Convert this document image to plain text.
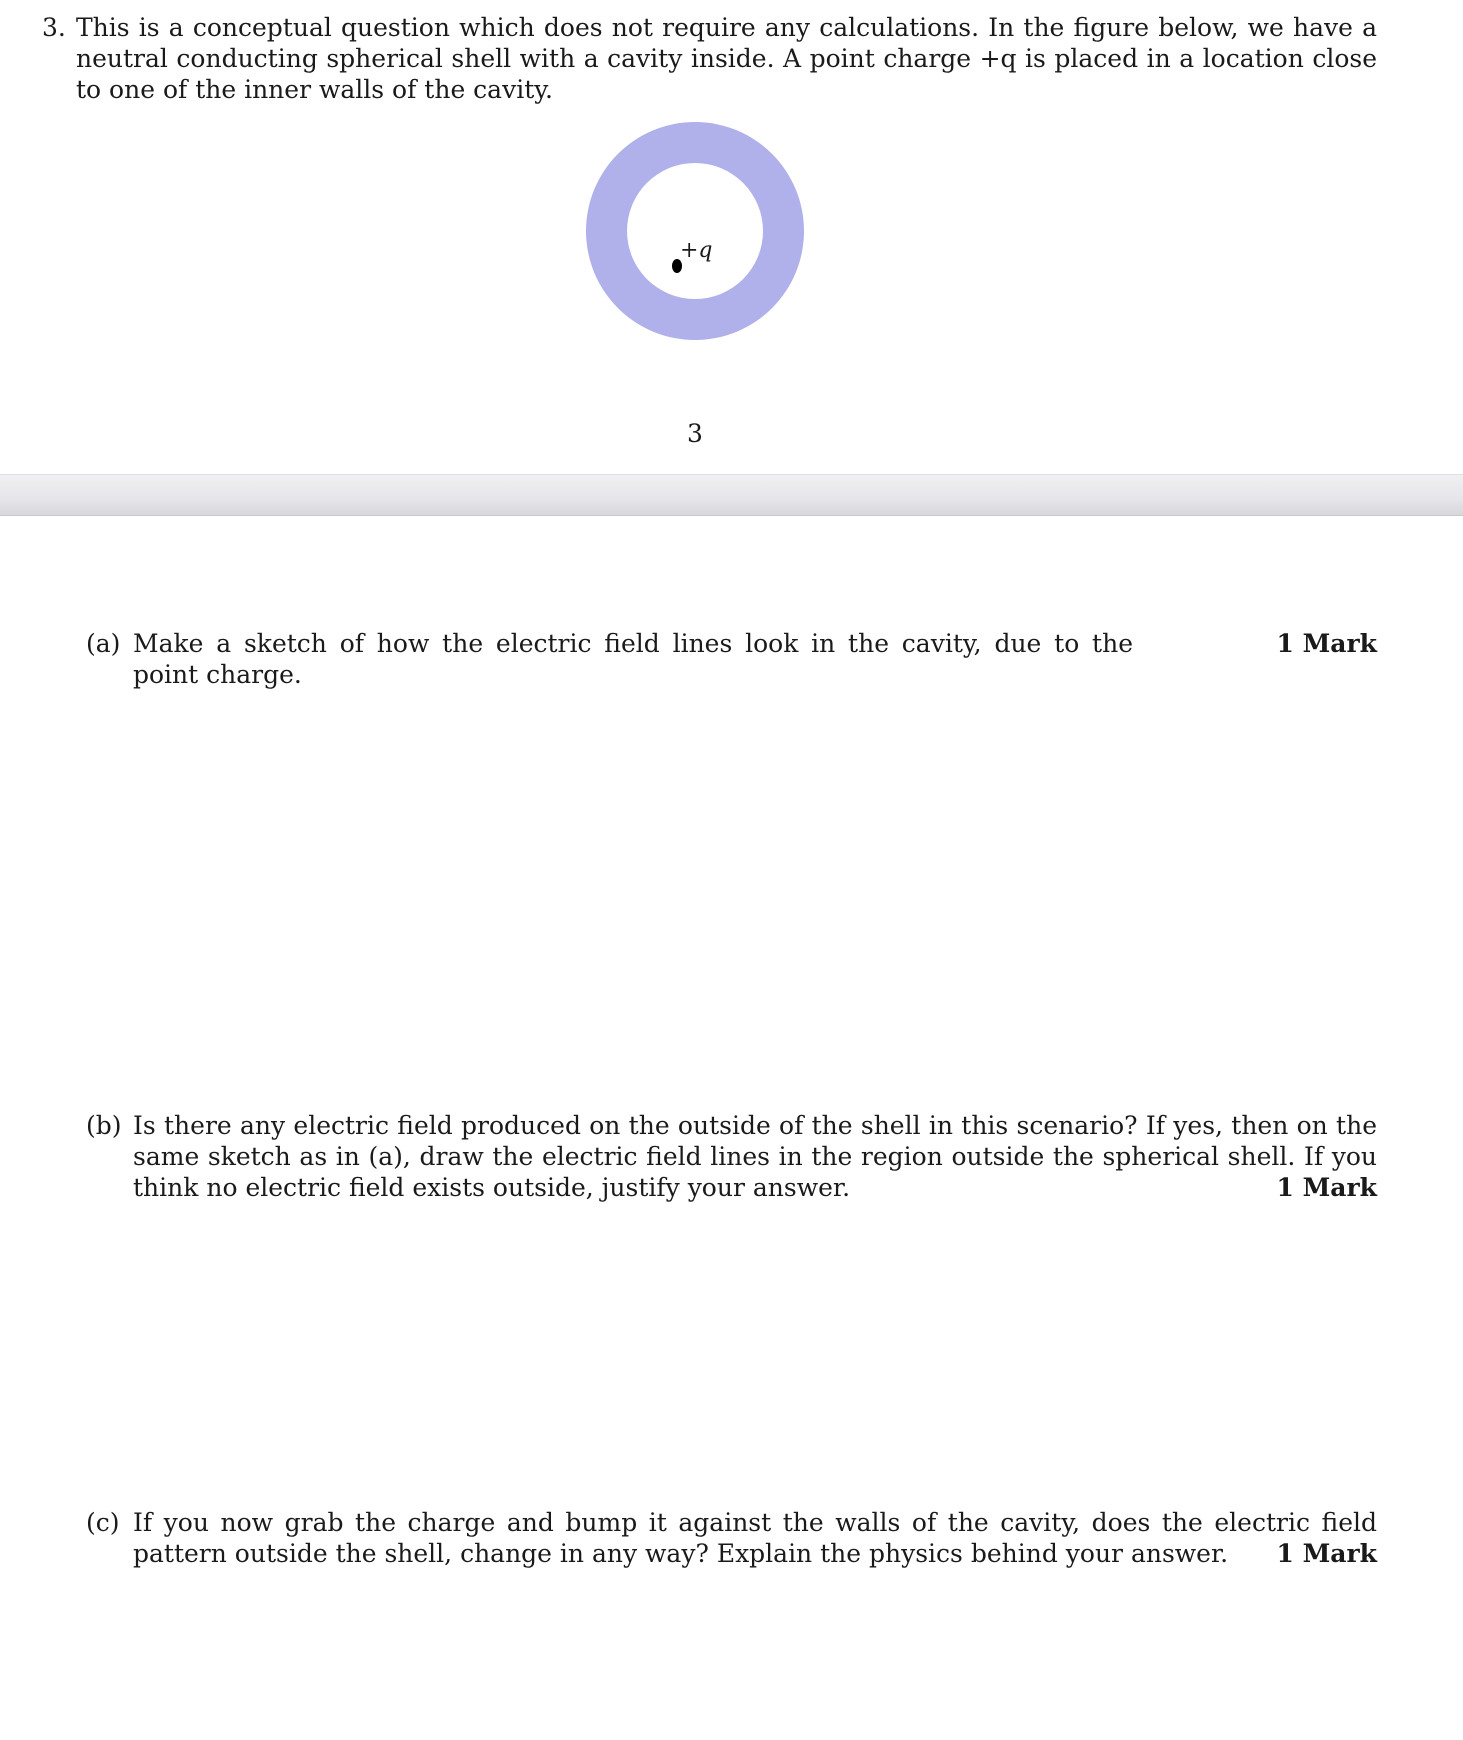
3. This is a conceptual question which does not require any calculations. In the figure below, we have a neutral conducting spherical shell with a cavity inside. A point charge +q is placed in a location close to one of the inner walls of the cavity.
+q
3
(a) Make a sketch of how the electric field lines look in the cavity, due to the point charge.
1 Mark
(b) Is there any electric field produced on the outside of the shell in this scenario? If yes, then on the same sketch as in (a), draw the electric field lines in the region outside the spherical shell. If you think no electric field exists outside, justify your answer.	1 Mark
(c) If you now grab the charge and bump it against the walls of the cavity, does the electric field pattern outside the shell, change in any way? Explain the physics behind your answer.	1 Mark
